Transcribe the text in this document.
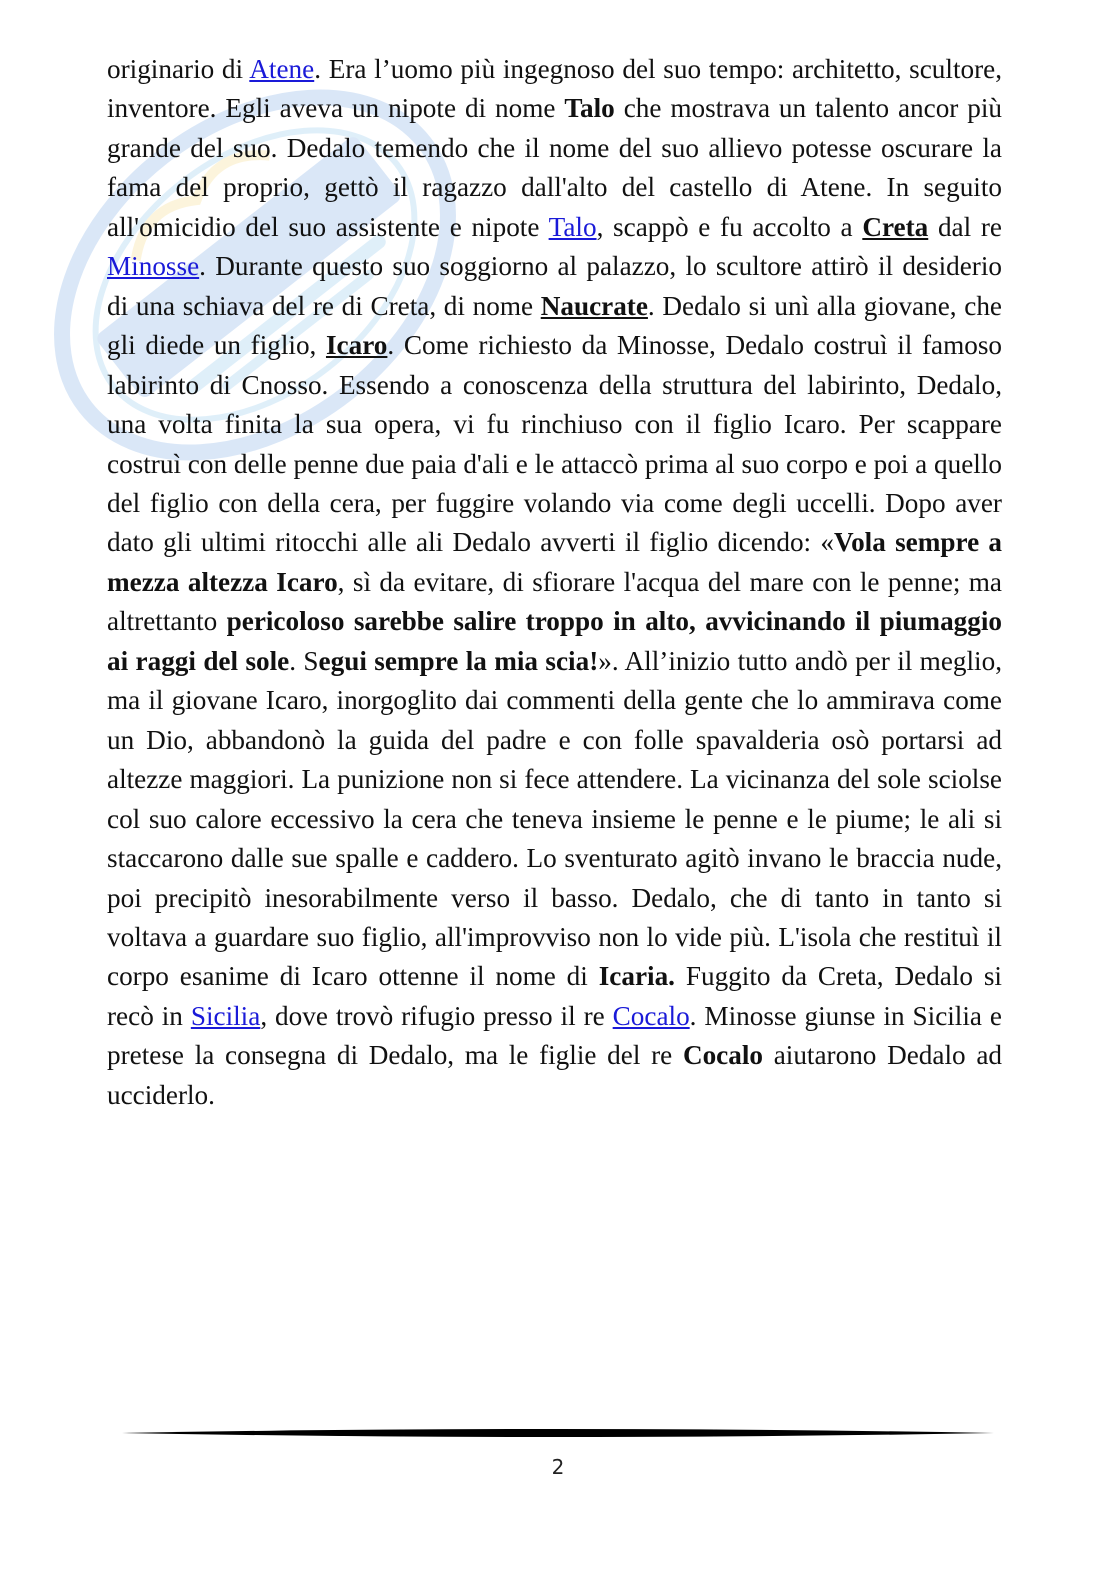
originario di Atene. Era l’uomo più ingegnoso del suo tempo: architetto, scultore, inventore. Egli aveva un nipote di nome Talo che mostrava un talento ancor più grande del suo. Dedalo temendo che il nome del suo allievo potesse oscurare la fama del proprio, gettò il ragazzo dall'alto del castello di Atene. In seguito all'omicidio del suo assistente e nipote Talo, scappò e fu accolto a Creta dal re Minosse. Durante questo suo soggiorno al palazzo, lo scultore attirò il desiderio di una schiava del re di Creta, di nome Naucrate. Dedalo si unì alla giovane, che gli diede un figlio, Icaro. Come richiesto da Minosse, Dedalo costruì il famoso labirinto di Cnosso. Essendo a conoscenza della struttura del labirinto, Dedalo, una volta finita la sua opera, vi fu rinchiuso con il figlio Icaro. Per scappare costruì con delle penne due paia d'ali e le attaccò prima al suo corpo e poi a quello del figlio con della cera, per fuggire volando via come degli uccelli. Dopo aver dato gli ultimi ritocchi alle ali Dedalo avverti il figlio dicendo: «Vola sempre a mezza altezza Icaro, sì da evitare, di sfiorare l'acqua del mare con le penne; ma altrettanto pericoloso sarebbe salire troppo in alto, avvicinando il piumaggio ai raggi del sole. Segui sempre la mia scia!». All’inizio tutto andò per il meglio, ma il giovane Icaro, inorgoglito dai commenti della gente che lo ammirava come un Dio, abbandonò la guida del padre e con folle spavalderia osò portarsi ad altezze maggiori. La punizione non si fece attendere. La vicinanza del sole sciolse col suo calore eccessivo la cera che teneva insieme le penne e le piume; le ali si staccarono dalle sue spalle e caddero. Lo sventurato agitò invano le braccia nude, poi precipitò inesorabilmente verso il basso. Dedalo, che di tanto in tanto si voltava a guardare suo figlio, all'improvviso non lo vide più. L'isola che restituì il corpo esanime di Icaro ottenne il nome di Icaria. Fuggito da Creta, Dedalo si recò in Sicilia, dove trovò rifugio presso il re Cocalo. Minosse giunse in Sicilia e pretese la consegna di Dedalo, ma le figlie del re Cocalo aiutarono Dedalo ad ucciderlo.

2
